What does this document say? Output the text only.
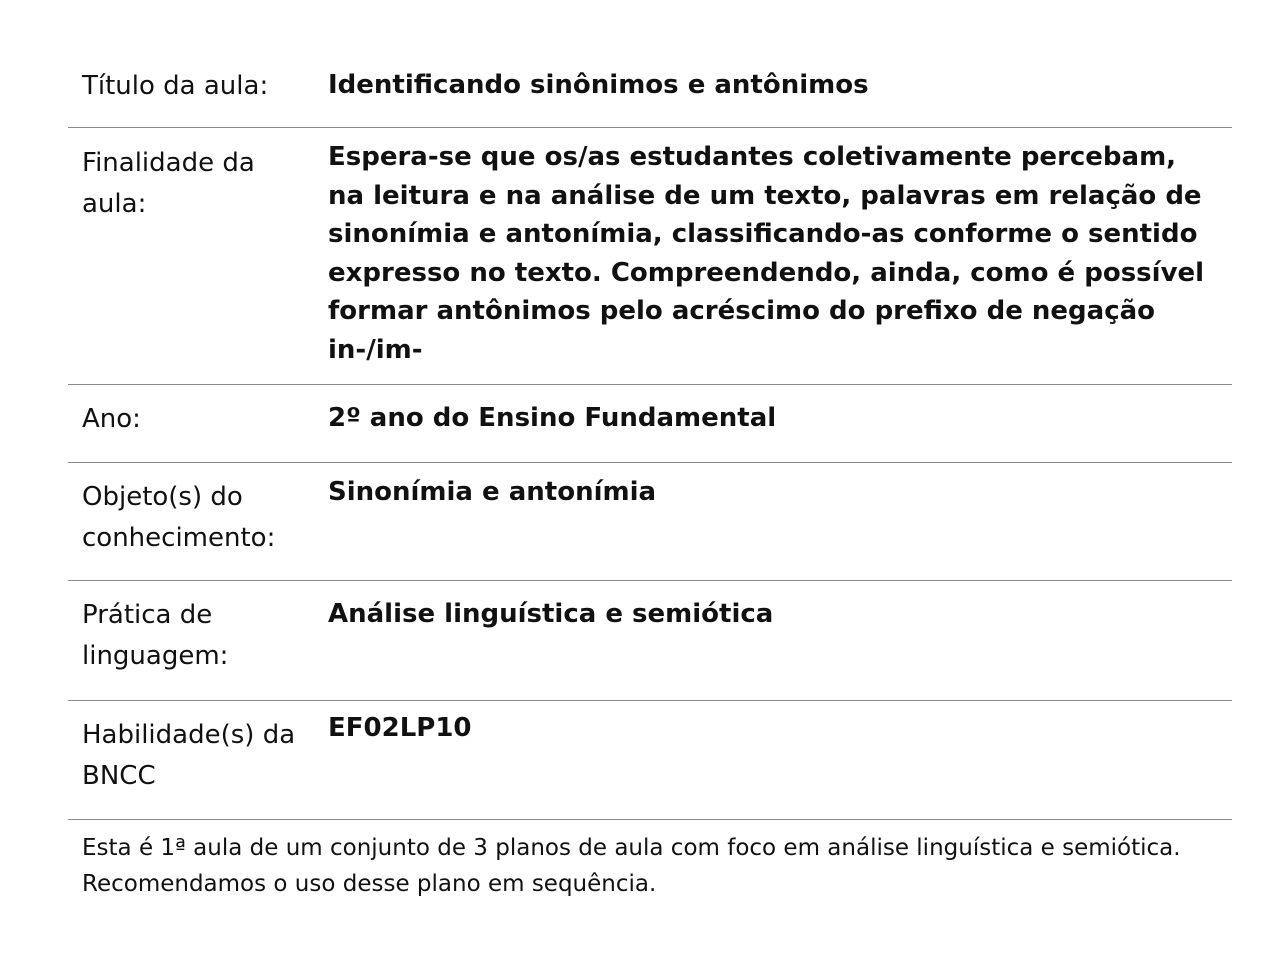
Título da aula:	Identificando sinônimos e antônimos
Finalidade da
aula:
Espera-se que os/as estudantes coletivamente percebam, na leitura e na análise de um texto, palavras em relação de sinonímia e antonímia, classificando-as conforme o sentido expresso no texto. Compreendendo, ainda, como é possível formar antônimos pelo acréscimo do prefixo de negação in-/im-
Ano:	2º ano do Ensino Fundamental
Objeto(s) do
conhecimento:
Sinonímia e antonímia
Prática de
linguagem:
Análise linguística e semiótica
Habilidade(s) da
BNCC
EF02LP10
Esta é 1ª aula de um conjunto de 3 planos de aula com foco em análise linguística e semiótica.
Recomendamos o uso desse plano em sequência.
